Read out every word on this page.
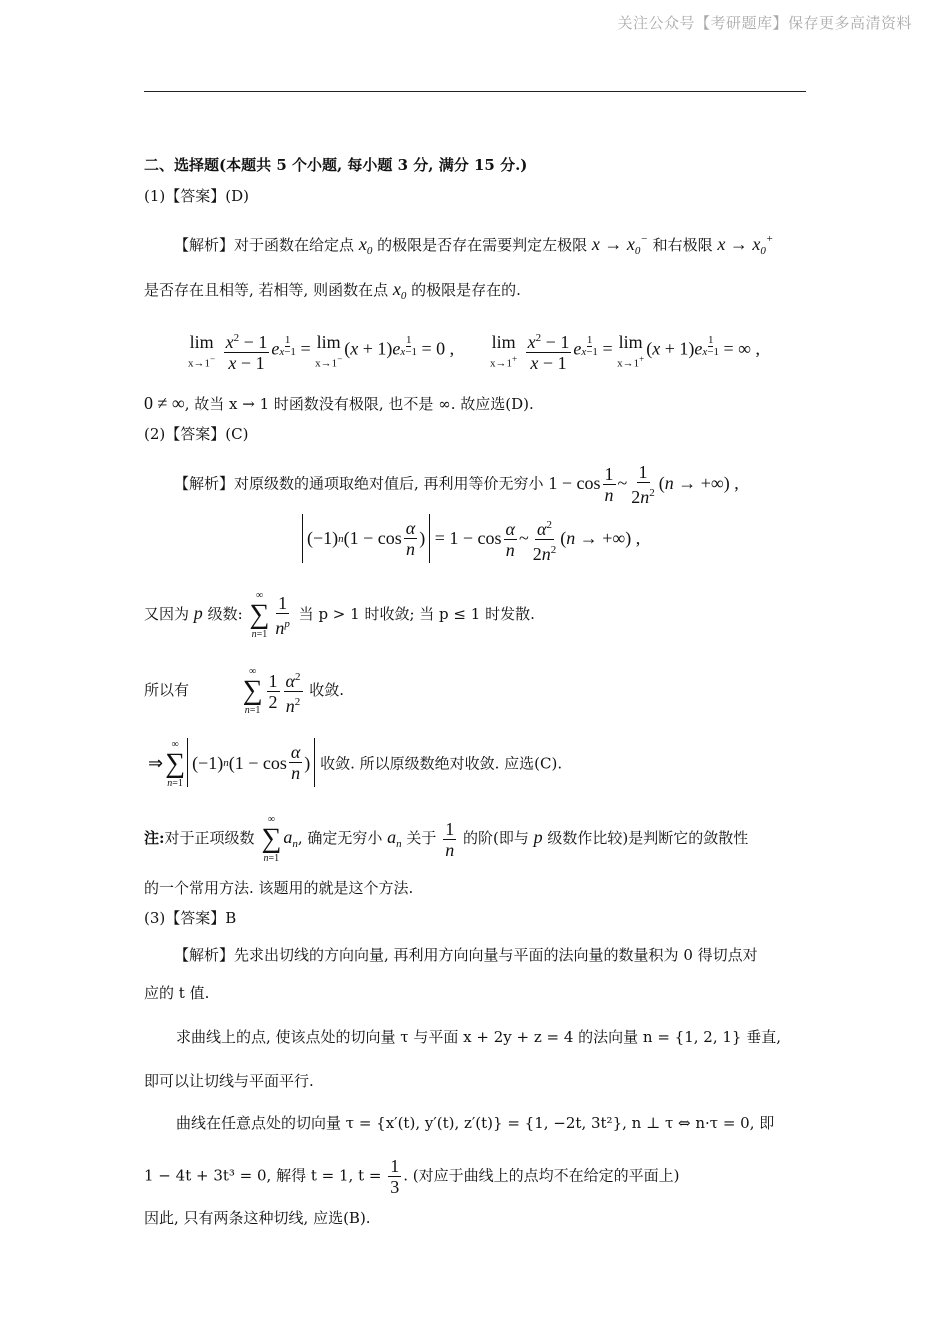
关注公众号【考研题库】保存更多高清资料
二、选择题(本题共 5 个小题, 每小题 3 分, 满分 15 分.)
(1)【答案】(D)
【解析】对于函数在给定点 $x_0$ 的极限是否存在需要判定左极限 $x \to x_0^-$ 和右极限 $x \to x_0^+$
是否存在且相等, 若相等, 则函数在点 $x_0$ 的极限是存在的.
lim
x→1−
$\frac{x^2 - 1}{x - 1}$ e $\frac{1}{x-1} = \lim$
x→1−
$(x + 1)e \frac{1}{x-1} = 0$ , lim
x→1+
$\frac{x^2 - 1}{x - 1}$ e $\frac{1}{x-1} = \lim$
x→1+
$(x + 1)e \frac{1}{x-1}$ = ∞ ,
0 ≠ ∞, 故当 x → 1 时函数没有极限, 也不是 ∞. 故应选(D).
(2)【答案】(C)
【解析】对原级数的通项取绝对值后, 再利用等价无穷小 $1 - \cos \frac{1}{n}$ ~ $\frac{1}{2n^2} (n$ → +∞) ,
(−1) n ($1 - \cos \frac{\alpha}{n}$ ) = $1 - \cos \frac{\alpha}{n}$ ~ $\frac{\alpha^2}{2n^2} (n$ → +∞) ,
又因为 p 级数:
∞
∑
$n=1 \frac{1}{n^p}$ 当 p > 1 时收敛; 当 p ≤ 1 时发散.
所以有
∞
∑
$n=1 \frac{1}{2} \frac{\alpha^2}{n^2}$ 收敛.
⇒
∞
∑
n=1
(−1) n ($1 - \cos \frac{\alpha}{n}$ ) 收敛. 所以原级数绝对收敛. 应选(C).
注:对于正项级数
∞
∑
n=1
$a_n$, 确定无穷小 $a_n$ 关于 $\frac{1}{n}$ 的阶(即与 p 级数作比较)是判断它的敛散性
的一个常用方法. 该题用的就是这个方法.
(3)【答案】B
【解析】先求出切线的方向向量, 再利用方向向量与平面的法向量的数量积为 0 得切点对
应的 t 值.
求曲线上的点, 使该点处的切向量 τ 与平面 x + 2y + z = 4 的法向量 n = {1, 2, 1} 垂直,
即可以让切线与平面平行.
曲线在任意点处的切向量 τ = {x′(t), y′(t), z′(t)} = {1, −2t, 3t²}, n ⊥ τ ⇔ n·τ = 0, 即
1 − 4t + 3t³ = 0, 解得 t = 1, $t = \frac{1}{3}$ . (对应于曲线上的点均不在给定的平面上)
因此, 只有两条这种切线, 应选(B).
